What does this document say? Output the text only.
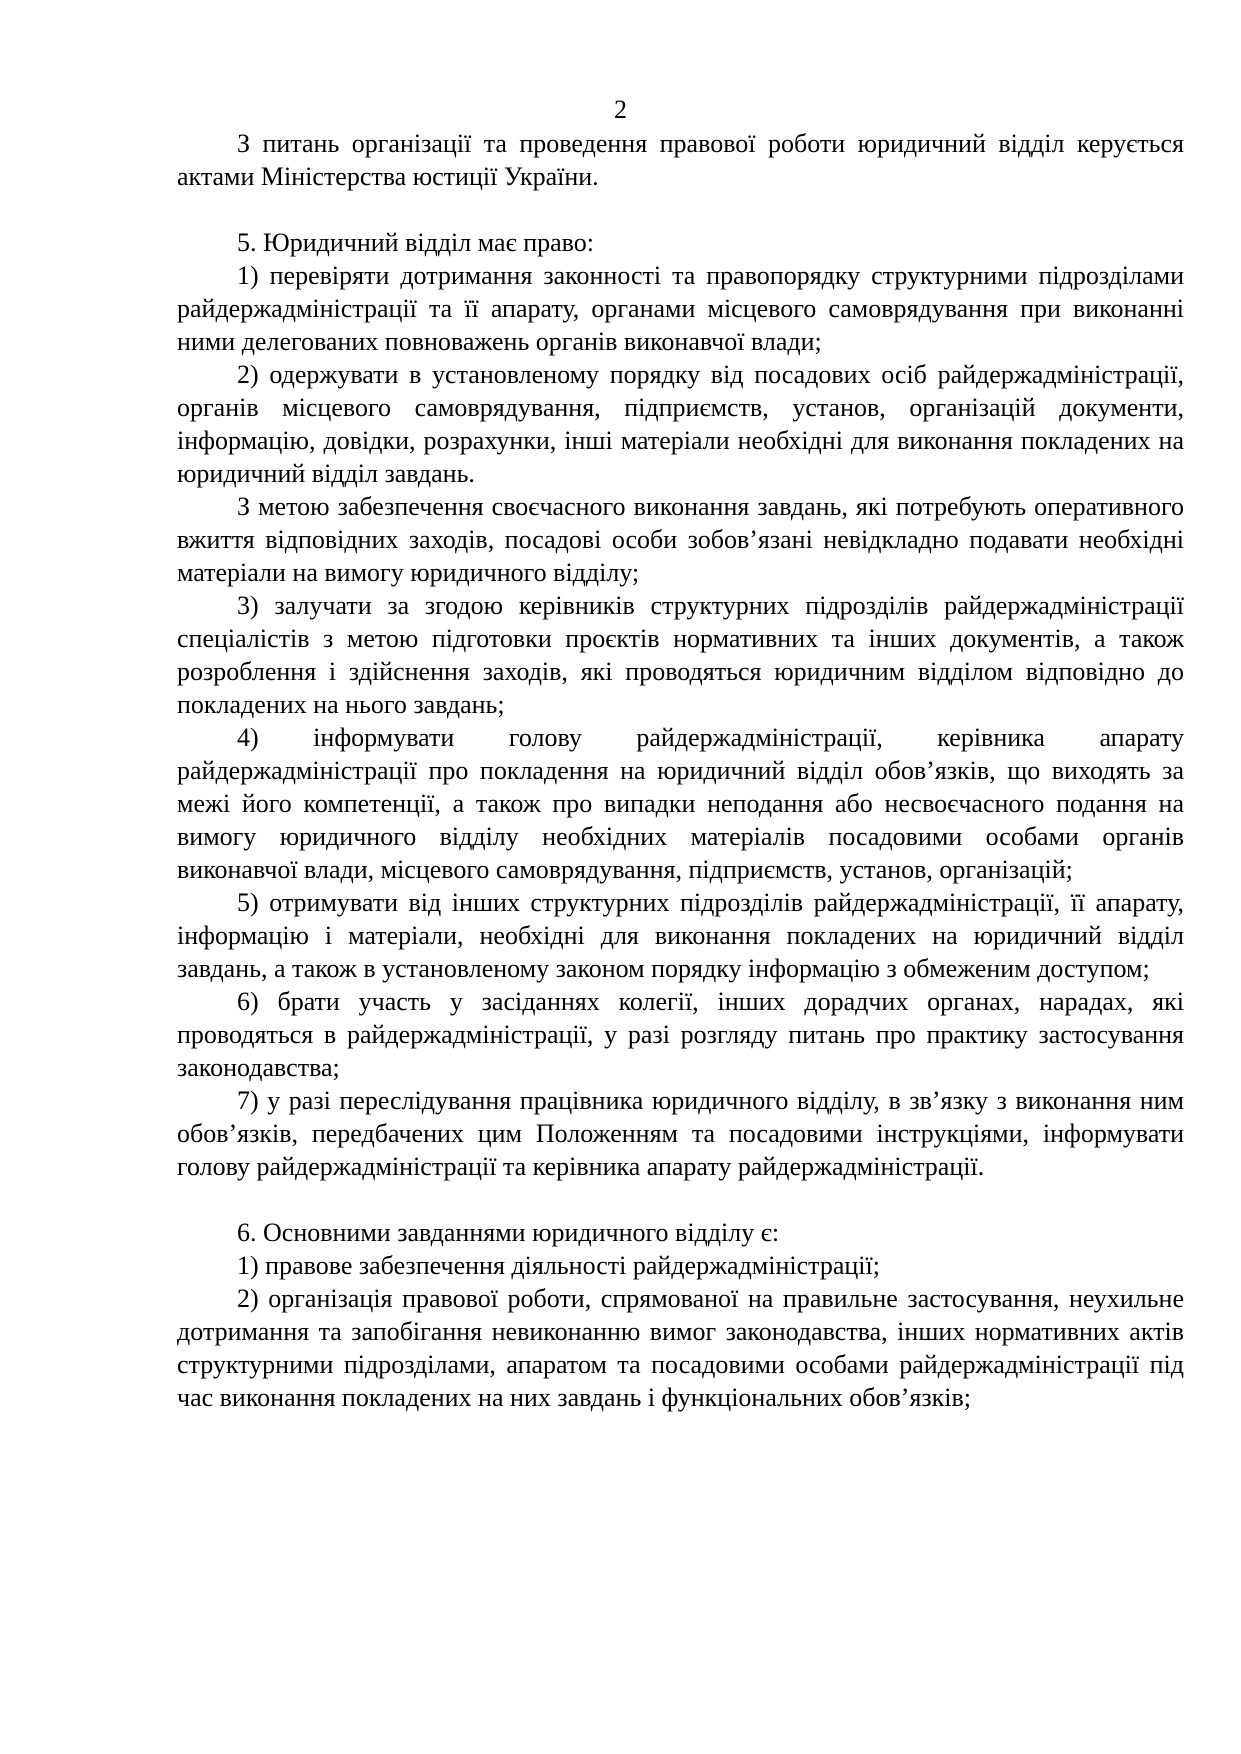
2

З питань організації та проведення правової роботи юридичний відділ керується актами Міністерства юстиції України.

5. Юридичний відділ має право:

1) перевіряти дотримання законності та правопорядку структурними підрозділами райдержадміністрації та її апарату, органами місцевого самоврядування при виконанні ними делегованих повноважень органів виконавчої влади;

2) одержувати в установленому порядку від посадових осіб райдержадміністрації, органів місцевого самоврядування, підприємств, установ, організацій документи, інформацію, довідки, розрахунки, інші матеріали необхідні для виконання покладених на юридичний відділ завдань.

З метою забезпечення своєчасного виконання завдань, які потребують оперативного вжиття відповідних заходів, посадові особи зобов’язані невідкладно подавати необхідні матеріали на вимогу юридичного відділу;

3) залучати за згодою керівників структурних підрозділів райдержадміністрації спеціалістів з метою підготовки проєктів нормативних та інших документів, а також розроблення і здійснення заходів, які проводяться юридичним відділом відповідно до покладених на нього завдань;

4) інформувати голову райдержадміністрації, керівника апарату райдержадміністрації про покладення на юридичний відділ обов’язків, що виходять за межі його компетенції, а також про випадки неподання або несвоєчасного подання на вимогу юридичного відділу необхідних матеріалів посадовими особами органів виконавчої влади, місцевого самоврядування, підприємств, установ, організацій;

5) отримувати від інших структурних підрозділів райдержадміністрації, її апарату, інформацію і матеріали, необхідні для виконання покладених на юридичний відділ завдань, а також в установленому законом порядку інформацію з обмеженим доступом;

6) брати участь у засіданнях колегії, інших дорадчих органах, нарадах, які проводяться в райдержадміністрації, у разі розгляду питань про практику застосування законодавства;

7) у разі переслідування працівника юридичного відділу, в зв’язку з виконання ним обов’язків, передбачених цим Положенням та посадовими інструкціями, інформувати голову райдержадміністрації та керівника апарату райдержадміністрації.

6. Основними завданнями юридичного відділу є:

1) правове забезпечення діяльності райдержадміністрації;

2) організація правової роботи, спрямованої на правильне застосування, неухильне дотримання та запобігання невиконанню вимог законодавства, інших нормативних актів структурними підрозділами, апаратом та посадовими особами райдержадміністрації під час виконання покладених на них завдань і функціональних обов’язків;
